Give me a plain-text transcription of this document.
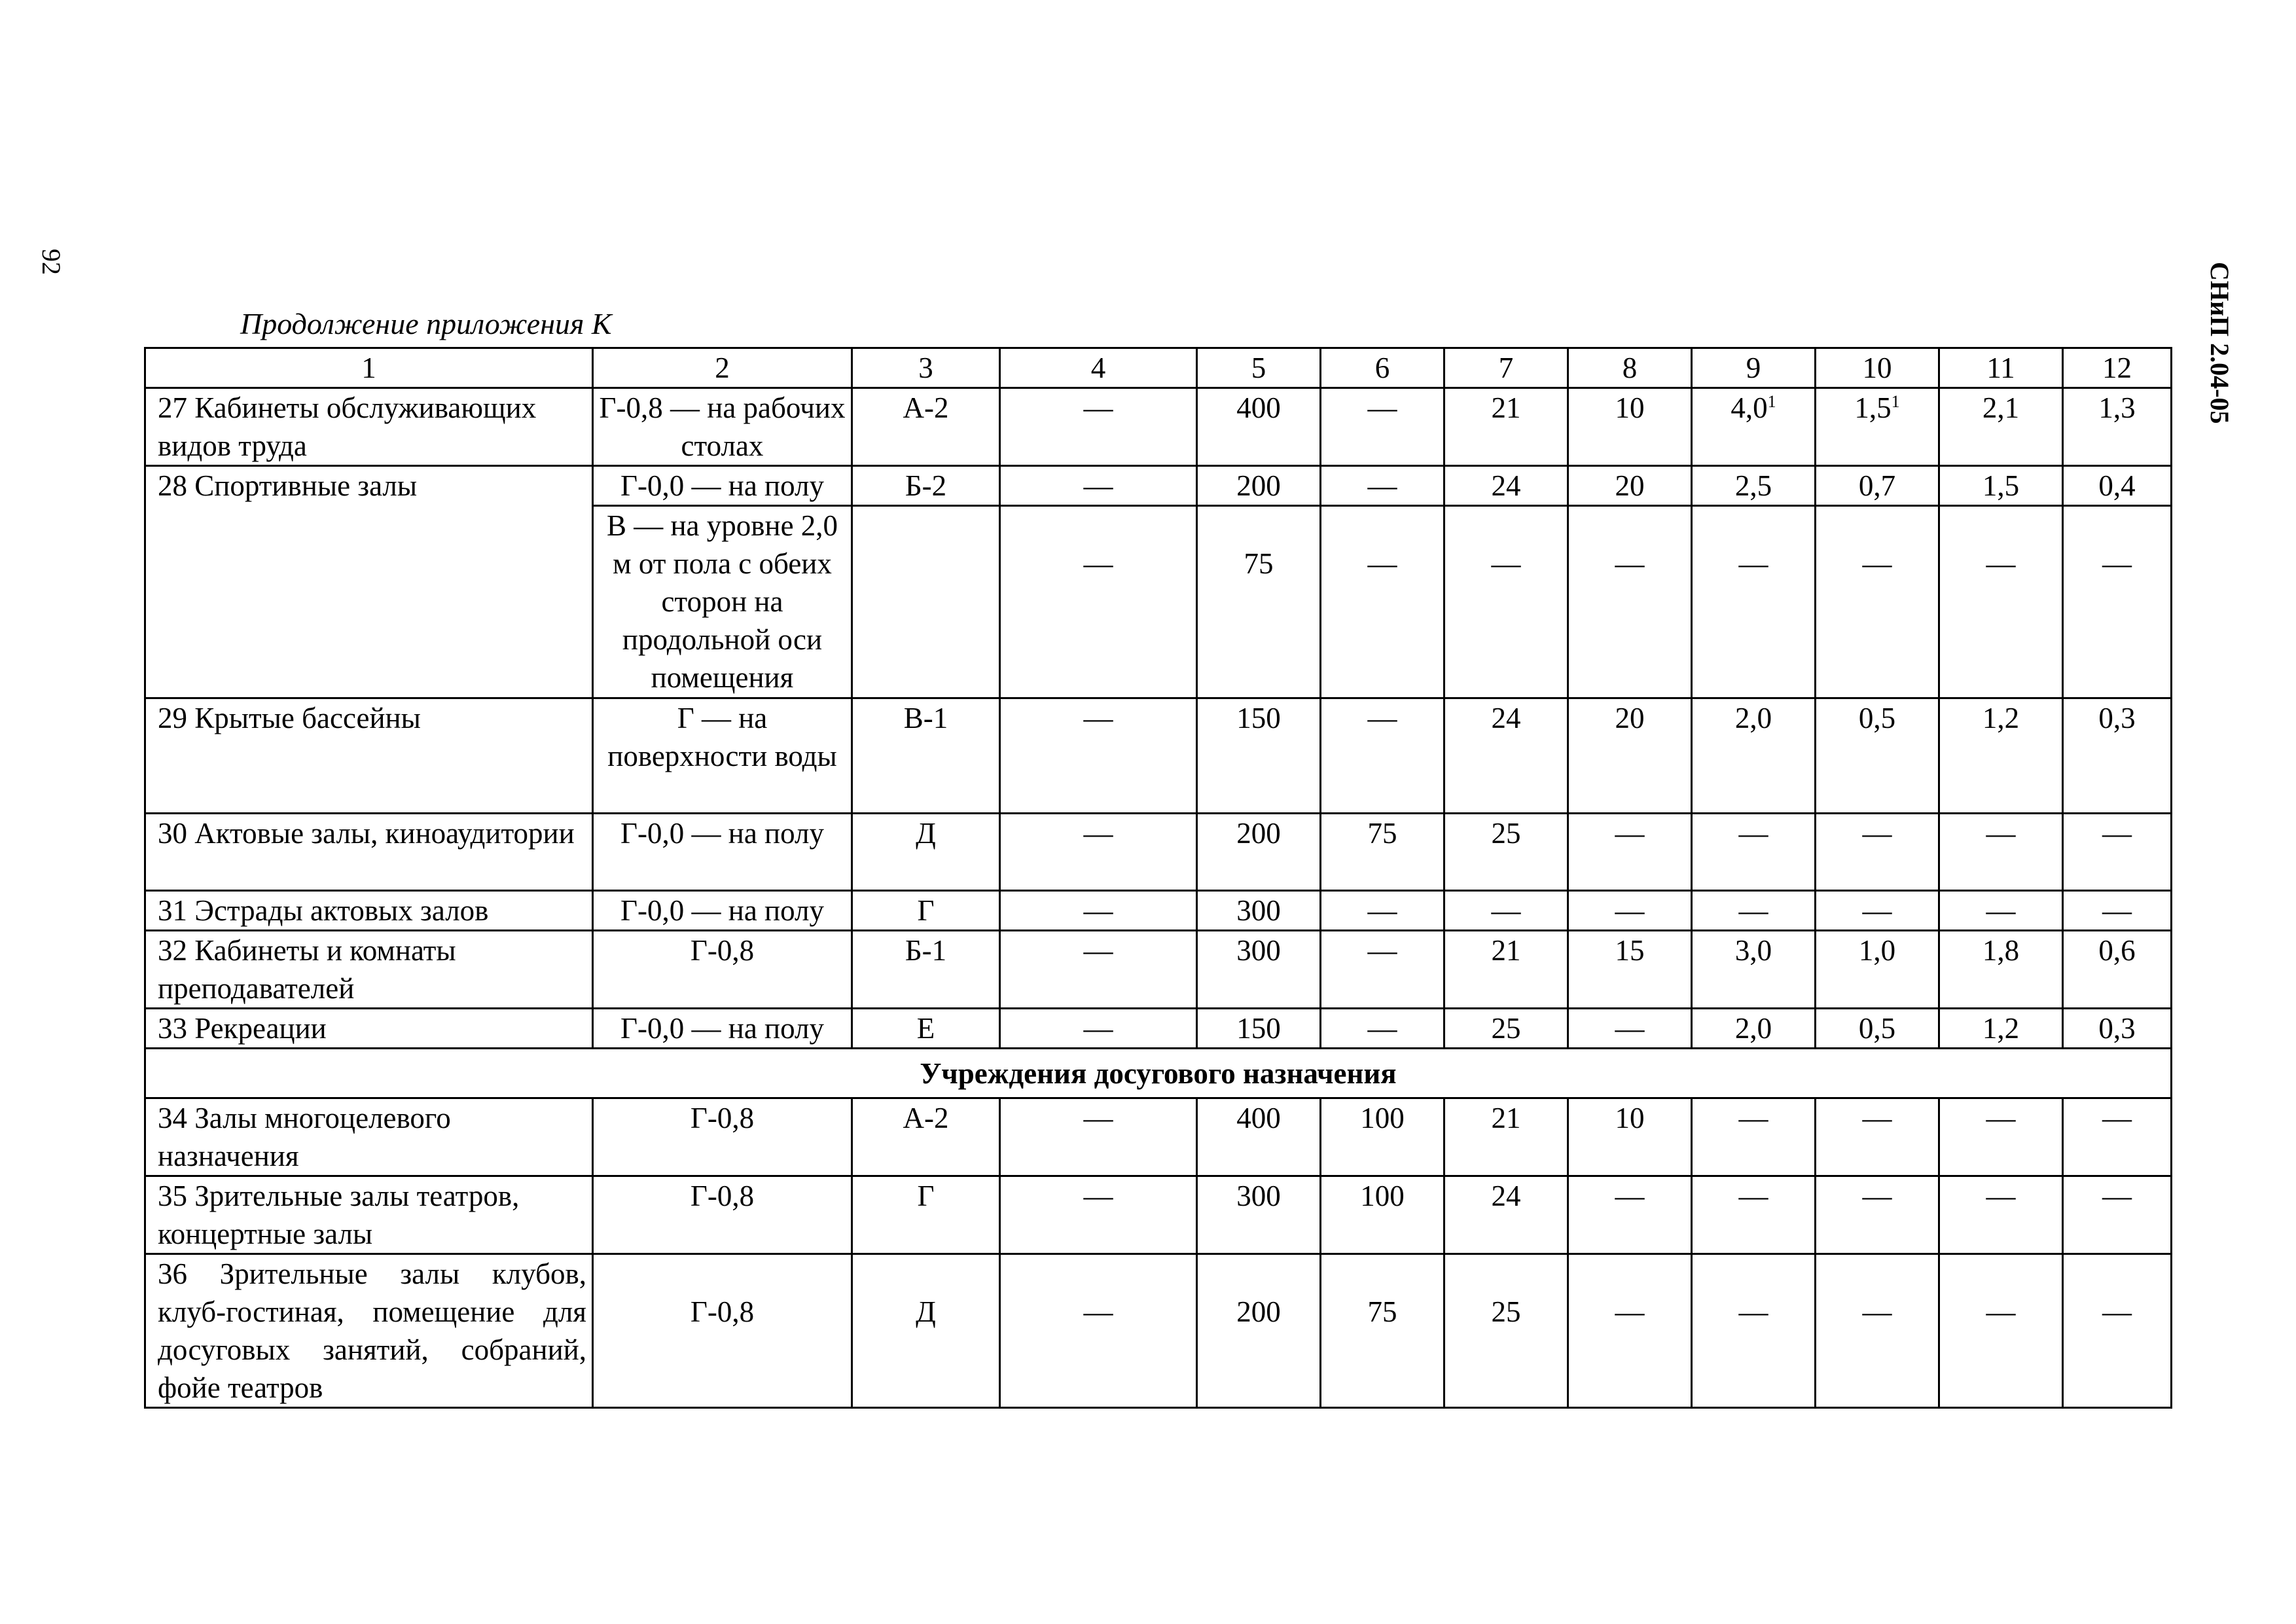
92	СНиП 2.04-05
Продолжение приложения К
1	2	3	4	5	6	7	8	9	10	11	12
27 Кабинеты обслуживающих видов труда	Г-0,8 — на рабочих столах	А-2	—	400	—	21	10	$4,0^1$	$1,5^1$	2,1	1,3
28 Спортивные залы	Г-0,0 — на полу	Б-2	—	200	—	24	20	2,5	0,7	1,5	0,4
	В — на уровне 2,0 м от пола с обеих сторон на продольной оси помещения		—	75	—	—	—	—	—	—	—
29 Крытые бассейны	Г — на поверхности воды	В-1	—	150	—	24	20	2,0	0,5	1,2	0,3
30 Актовые залы, киноаудитории	Г-0,0 — на полу	Д	—	200	75	25	—	—	—	—	—
31 Эстрады актовых залов	Г-0,0 — на полу	Г	—	300	—	—	—	—	—	—	—
32 Кабинеты и комнаты преподавателей	Г-0,8	Б-1	—	300	—	21	15	3,0	1,0	1,8	0,6
33 Рекреации	Г-0,0 — на полу	Е	—	150	—	25	—	2,0	0,5	1,2	0,3
Учреждения досугового назначения											
34 Залы многоцелевого назначения	Г-0,8	А-2	—	400	100	21	10	—	—	—	—
35 Зрительные залы театров, концертные залы	Г-0,8	Г	—	300	100	24	—	—	—	—	—
36 Зрительные залы клубов, клуб-гостиная, помещение для досуговых занятий, собраний, фойе театров	Г-0,8	Д	—	200	75	25	—	—	—	—	—
